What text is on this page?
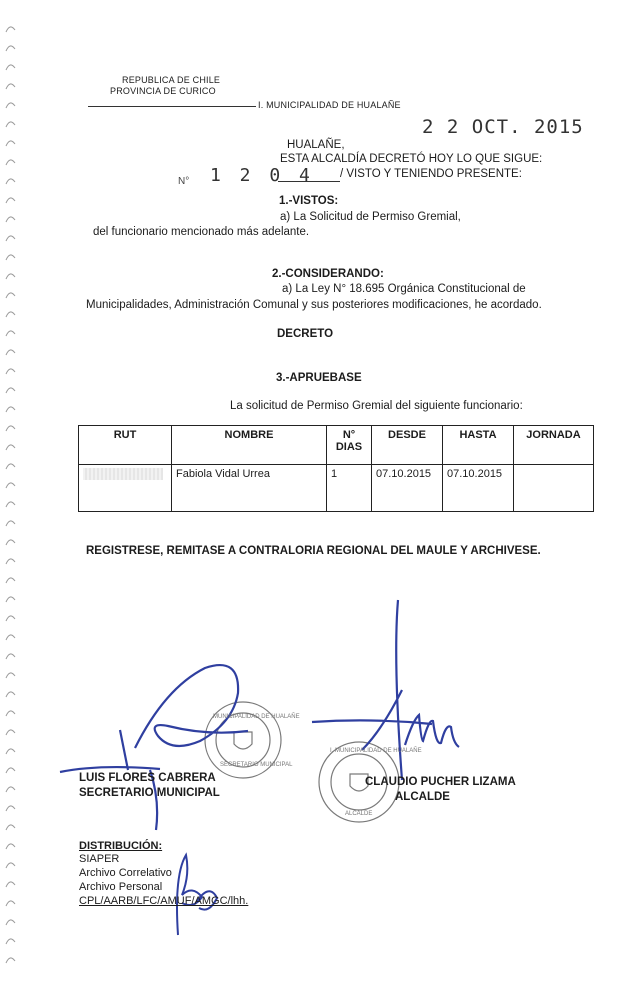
REPUBLICA DE CHILE
PROVINCIA DE CURICO
I. MUNICIPALIDAD DE HUALAÑE
2 2 OCT. 2015
HUALAÑE,
ESTA ALCALDÍA DECRETÓ HOY LO QUE SIGUE:
N° 1 2 0 4 / VISTO Y TENIENDO PRESENTE:
1.-VISTOS:
a) La Solicitud de Permiso Gremial,
del funcionario mencionado más adelante.
2.-CONSIDERANDO:
a) La Ley N° 18.695 Orgánica Constitucional de
Municipalidades, Administración Comunal y sus posteriores modificaciones, he acordado.
DECRETO
3.-APRUEBASE
La solicitud de Permiso Gremial del siguiente funcionario:
RUT	NOMBRE	N° DIAS	DESDE	HASTA	JORNADA
	Fabiola Vidal Urrea	1	07.10.2015	07.10.2015	
REGISTRESE, REMITASE A CONTRALORIA REGIONAL DEL MAULE Y ARCHIVESE.
MUNICIPALIDAD DE HUALAÑE
SECRETARIO MUNICIPAL
I. MUNICIPALIDAD DE HUALAÑE
ALCALDE
LUIS FLORES CABRERA
SECRETARIO MUNICIPAL
CLAUDIO PUCHER LIZAMA
ALCALDE
DISTRIBUCIÓN:
SIAPER
Archivo Correlativo
Archivo Personal
CPL/AARB/LFC/AMUF/AMGC/lhh.
